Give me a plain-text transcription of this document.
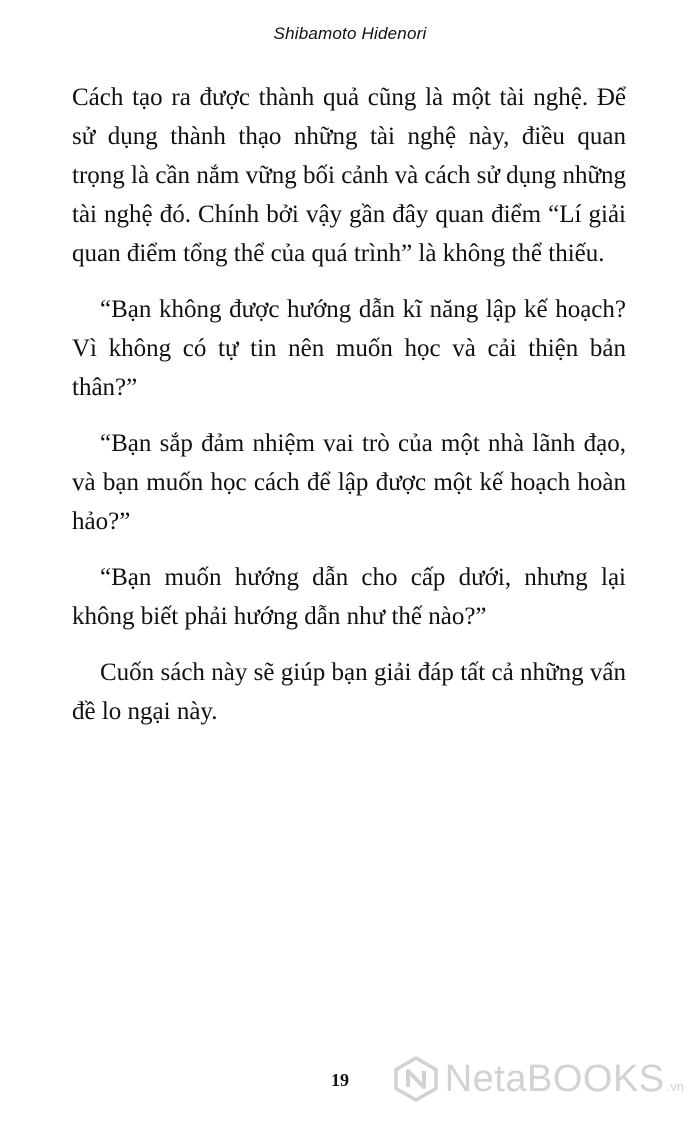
Shibamoto Hidenori

Cách tạo ra được thành quả cũng là một tài nghệ. Để sử dụng thành thạo những tài nghệ này, điều quan trọng là cần nắm vững bối cảnh và cách sử dụng những tài nghệ đó. Chính bởi vậy gần đây quan điểm “Lí giải quan điểm tổng thể của quá trình” là không thể thiếu.

“Bạn không được hướng dẫn kĩ năng lập kế hoạch? Vì không có tự tin nên muốn học và cải thiện bản thân?”

“Bạn sắp đảm nhiệm vai trò của một nhà lãnh đạo, và bạn muốn học cách để lập được một kế hoạch hoàn hảo?”

“Bạn muốn hướng dẫn cho cấp dưới, nhưng lại không biết phải hướng dẫn như thế nào?”

Cuốn sách này sẽ giúp bạn giải đáp tất cả những vấn đề lo ngại này.

19	NetaBOOKS .vn
